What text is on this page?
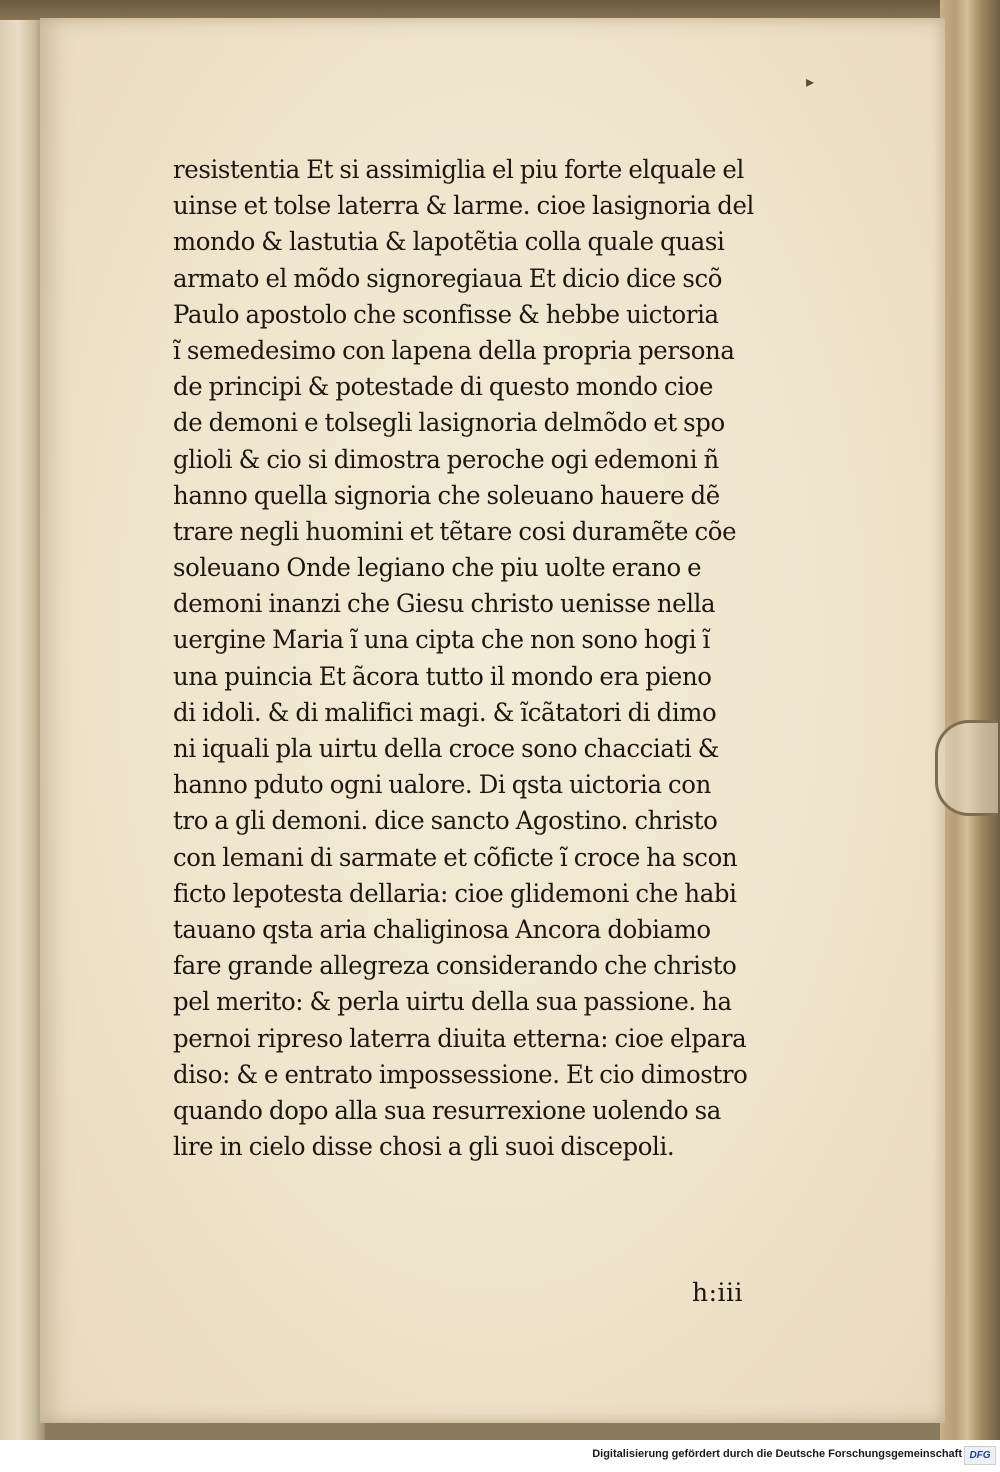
▸
resistentia Et si assimiglia el piu forte elquale el
uinse et tolse laterra & larme. cioe lasignoria del
mondo & lastutia & lapotẽtia colla quale quasi
armato el mõdo signoregiaua Et dicio dice scõ
Paulo apostolo che sconfisse & hebbe uictoria
ĩ semedesimo con lapena della propria persona
de principi & potestade di questo mondo cioe
de demoni e tolsegli lasignoria delmõdo et spo
glioli & cio si dimostra peroche ogi edemoni ñ
hanno quella signoria che soleuano hauere dẽ
trare negli huomini et tẽtare cosi duramẽte cõe
soleuano Onde legiano che piu uolte erano e
demoni inanzi che Giesu christo uenisse nella
uergine Maria ĩ una cipta che non sono hogi ĩ
una puincia Et ãcora tutto il mondo era pieno
di idoli. & di malifici magi. & ĩcãtatori di dimo
ni iquali pla uirtu della croce sono chacciati &
hanno pduto ogni ualore. Di qsta uictoria con
tro a gli demoni. dice sancto Agostino. christo
con lemani di sarmate et cõficte ĩ croce ha scon
ficto lepotesta dellaria: cioe glidemoni che habi
tauano qsta aria chaliginosa Ancora dobiamo
fare grande allegreza considerando che christo
pel merito: & perla uirtu della sua passione. ha
pernoi ripreso laterra diuita etterna: cioe elpara
diso: & e entrato impossessione. Et cio dimostro
quando dopo alla sua resurrexione uolendo sa
lire in cielo disse chosi a gli suoi discepoli.
h:iii
Digitalisierung gefördert durch die Deutsche Forschungsgemeinschaft DFG
